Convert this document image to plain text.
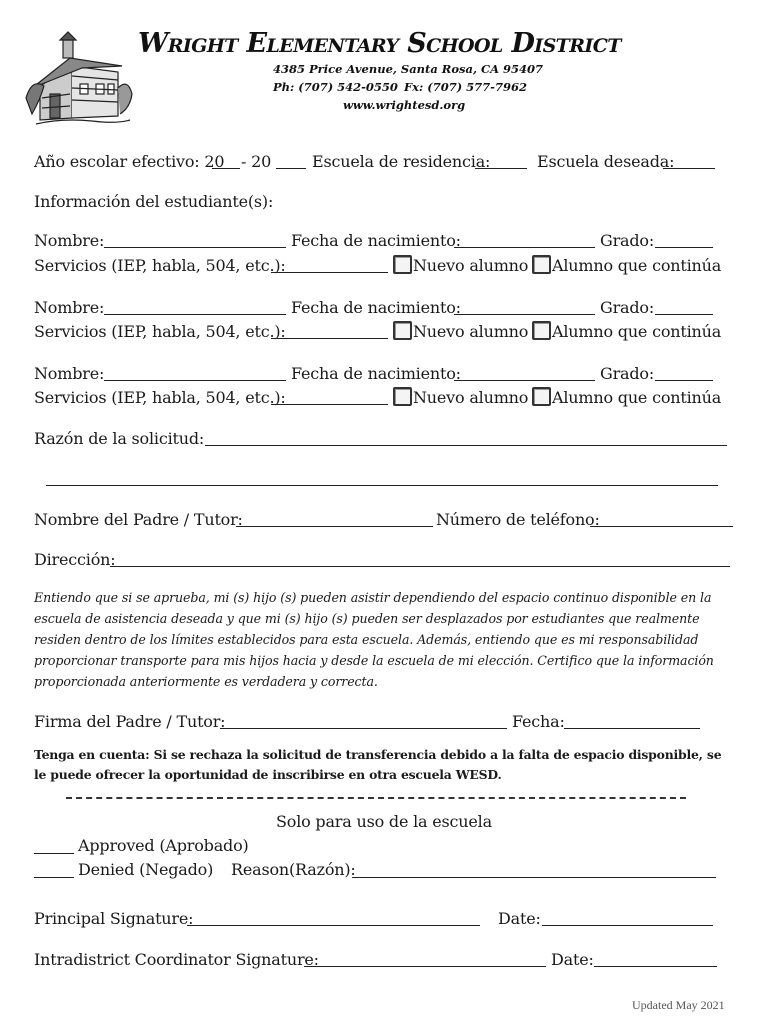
Wright Elementary School District
4385 Price Avenue, Santa Rosa, CA 95407
Ph: (707) 542-0550 Fx: (707) 577-7962
www.wrightesd.org
Año escolar efectivo: 20 - 20	Escuela de residencia:	Escuela deseada:
Información del estudiante(s):
Nombre:	Fecha de nacimiento:	Grado:
Servicios (IEP, habla, 504, etc.):	Nuevo alumno Alumno que continúa
Nombre:	Fecha de nacimiento:	Grado:
Servicios (IEP, habla, 504, etc.):	Nuevo alumno Alumno que continúa
Nombre:	Fecha de nacimiento:	Grado:
Servicios (IEP, habla, 504, etc.):	Nuevo alumno Alumno que continúa
Razón de la solicitud:
Nombre del Padre / Tutor:	Número de teléfono:
Dirección:
Entiendo que si se aprueba, mi (s) hijo (s) pueden asistir dependiendo del espacio continuo disponible en la escuela de asistencia deseada y que mi (s) hijo (s) pueden ser desplazados por estudiantes que realmente residen dentro de los límites establecidos para esta escuela. Además, entiendo que es mi responsabilidad proporcionar transporte para mis hijos hacia y desde la escuela de mi elección. Certifico que la información proporcionada anteriormente es verdadera y correcta.
Firma del Padre / Tutor:	Fecha:
Tenga en cuenta: Si se rechaza la solicitud de transferencia debido a la falta de espacio disponible, se le puede ofrecer la oportunidad de inscribirse en otra escuela WESD.
Solo para uso de la escuela
Approved (Aprobado)
Denied (Negado) Reason(Razón):
Principal Signature:	Date:
Intradistrict Coordinator Signature:	Date:
Updated May 2021
